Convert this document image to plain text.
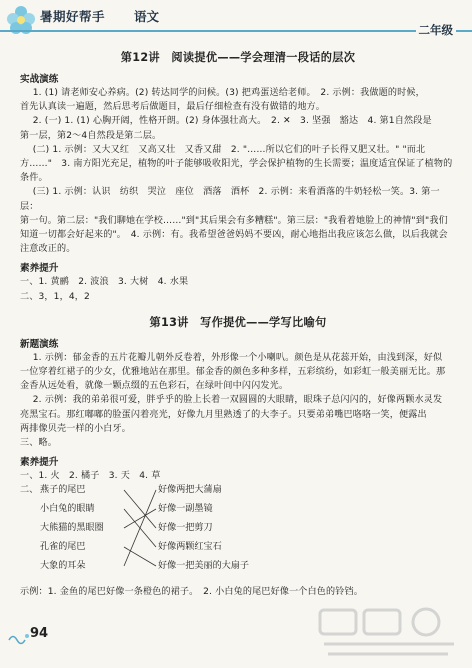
暑期好帮手 语文
二年级
第12讲　阅读提优——学会理清一段话的层次
实战演练

1. (1) 请老师安心养病。(2) 转达同学的问候。(3) 把鸡蛋送给老师。　2. 示例：我做题的时候，

首先认真读一遍题，然后思考后做题目，最后仔细检查有没有做错的地方。

2. (一) 1. (1) 心胸开阔，性格开朗。(2) 身体强壮高大。　2. ✕　3. 坚强　豁达　4. 第1自然段是

第一层，第2～4自然段是第二层。

(二) 1. 示例：又大又红　又高又壮　又香又甜　2. "……所以它们的叶子长得又肥又壮。" "而北

方……"　3. 南方阳光充足，植物的叶子能够吸收阳光，学会保护植物的生长需要；温度适宜保证了植物的

条件。

(三) 1. 示例：认识　纺织　哭泣　座位　酒落　酒杯　2. 示例：来看酒落的牛奶轻松一笑。3. 第一层：

第一句。第二层："我们聊她在学校……"到"其后果会有多糟糕"。第三层："我看着她脸上的神情"到"我们

知道一切都会好起来的"。　4. 示例：有。我希望爸爸妈妈不要凶，耐心地指出我应该怎么做，以后我就会

注意改正的。

素养提升

一、1. 黄鹂　2. 波浪　3. 大树　4. 水果

二、3，1，4，2

第13讲　写作提优——学写比喻句
新题演练

1. 示例：郁金香的五片花瓣儿朝外反卷着，外形像一个小喇叭。颜色是从花蕊开始，由浅到深，好似

一位穿着红裙子的少女，优雅地站在那里。郁金香的颜色多种多样，五彩缤纷，如彩虹一般美丽无比。那

金香从远处看，就像一颗点缀的五色彩石，在绿叶间中闪闪发光。

2. 示例：我的弟弟很可爱，胖乎乎的脸上长着一双圆圆的大眼睛，眼珠子总闪闪的，好像两颗水灵发

亮黑宝石。那红嘟嘟的脸蛋闪着亮光，好像九月里熟透了的大李子。只要弟弟嘴巴咯咯一笑，便露出

两排像贝壳一样的小白牙。

三、略。

素养提升

一、1. 火　2. 橘子　3. 天　4. 草

二、 燕子的尾巴
小白兔的眼睛
大熊猫的黑眼圈
孔雀的尾巴
大象的耳朵
好像两把大蒲扇
好像一副墨镜
好像一把剪刀
好像两颗红宝石
好像一把美丽的大扇子

示例：1. 金鱼的尾巴好像一条橙色的裙子。　2. 小白兔的尾巴好像一个白色的铃铛。

94
